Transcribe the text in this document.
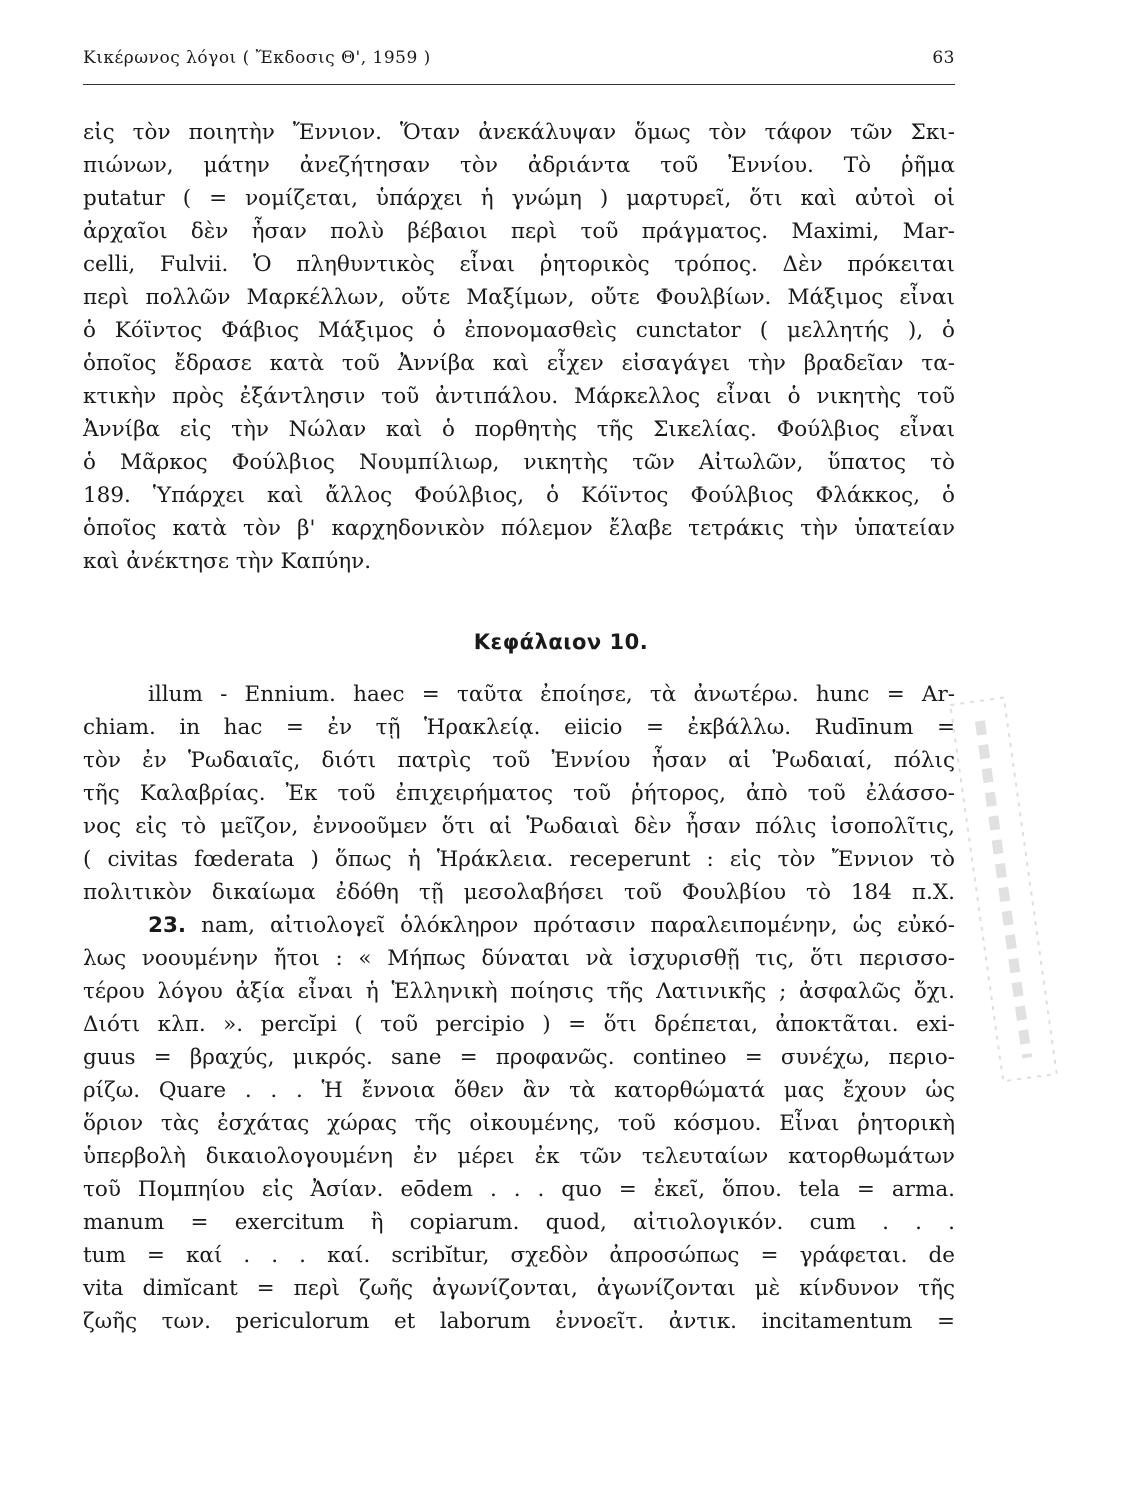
Κικέρωνος λόγοι ( Ἔκδοσις Θ', 1959 )	63
εἰς τὸν ποιητὴν Ἔννιον. Ὅταν ἀνεκάλυψαν ὅμως τὸν τάφον τῶν Σκι-
πιώνων, μάτην ἀνεζήτησαν τὸν ἀδριάντα τοῦ Ἐννίου. Τὸ ῥῆμα
putatur ( = νομίζεται, ὑπάρχει ἡ γνώμη ) μαρτυρεῖ, ὅτι καὶ αὐτοὶ οἱ
ἀρχαῖοι δὲν ἦσαν πολὺ βέβαιοι περὶ τοῦ πράγματος. Maximi, Mar-
celli, Fulvii. Ὁ πληθυντικὸς εἶναι ῥητορικὸς τρόπος. Δὲν πρόκειται
περὶ πολλῶν Μαρκέλλων, οὔτε Μαξίμων, οὔτε Φουλβίων. Μάξιμος εἶναι
ὁ Κόϊντος Φάβιος Μάξιμος ὁ ἐπονομασθεὶς cunctator ( μελλητής ), ὁ
ὁποῖος ἔδρασε κατὰ τοῦ Ἀννίβα καὶ εἶχεν εἰσαγάγει τὴν βραδεῖαν τα-
κτικὴν πρὸς ἐξάντλησιν τοῦ ἀντιπάλου. Μάρκελλος εἶναι ὁ νικητὴς τοῦ
Ἀννίβα εἰς τὴν Νώλαν καὶ ὁ πορθητὴς τῆς Σικελίας. Φούλβιος εἶναι
ὁ Μᾶρκος Φούλβιος Νουμπίλιωρ, νικητὴς τῶν Αἰτωλῶν, ὕπατος τὸ
189. Ὑπάρχει καὶ ἄλλος Φούλβιος, ὁ Κόϊντος Φούλβιος Φλάκκος, ὁ
ὁποῖος κατὰ τὸν β' καρχηδονικὸν πόλεμον ἔλαβε τετράκις τὴν ὑπατείαν
καὶ ἀνέκτησε τὴν Καπύην.
Κεφάλαιον 10.
illum - Ennium. haec = ταῦτα ἐποίησε, τὰ ἀνωτέρω. hunc = Ar-
chiam. in hac = ἐν τῇ Ἡρακλείᾳ. eiicio = ἐκβάλλω. Rudīnum =
τὸν ἐν Ῥωδαιαῖς, διότι πατρὶς τοῦ Ἐννίου ἦσαν αἱ Ῥωδαιαί, πόλις
τῆς Καλαβρίας. Ἐκ τοῦ ἐπιχειρήματος τοῦ ῥήτορος, ἀπὸ τοῦ ἐλάσσο-
νος εἰς τὸ μεῖζον, ἐννοοῦμεν ὅτι αἱ Ῥωδαιαὶ δὲν ἦσαν πόλις ἰσοπολῖτις,
( civitas fœderata ) ὅπως ἡ Ἡράκλεια. receperunt : εἰς τὸν Ἔννιον τὸ
πολιτικὸν δικαίωμα ἐδόθη τῇ μεσολαβήσει τοῦ Φουλβίου τὸ 184 π.Χ.
23. nam, αἰτιολογεῖ ὁλόκληρον πρότασιν παραλειπομένην, ὡς εὐκό-
λως νοουμένην ἤτοι : « Μήπως δύναται νὰ ἰσχυρισθῇ τις, ὅτι περισσο-
τέρου λόγου ἀξία εἶναι ἡ Ἑλληνικὴ ποίησις τῆς Λατινικῆς ; ἀσφαλῶς ὄχι.
Διότι κλπ. ». percĭpi ( τοῦ percipio ) = ὅτι δρέπεται, ἀποκτᾶται. exi-
guus = βραχύς, μικρός. sane = προφανῶς. contineo = συνέχω, περιο-
ρίζω. Quare . . . Ἡ ἔννοια ὅθεν ἂν τὰ κατορθώματά μας ἔχουν ὡς
ὅριον τὰς ἐσχάτας χώρας τῆς οἰκουμένης, τοῦ κόσμου. Εἶναι ῥητορικὴ
ὑπερβολὴ δικαιολογουμένη ἐν μέρει ἐκ τῶν τελευταίων κατορθωμάτων
τοῦ Πομπηίου εἰς Ἀσίαν. eōdem . . . quo = ἐκεῖ, ὅπου. tela = arma.
manum = exercitum ἢ copiarum. quod, αἰτιολογικόν. cum . . .
tum = καί . . . καί. scribĭtur, σχεδὸν ἀπροσώπως = γράφεται. de
vita dimĭcant = περὶ ζωῆς ἀγωνίζονται, ἀγωνίζονται μὲ κίνδυνον τῆς
ζωῆς των. periculorum et laborum ἐννοεῖτ. ἀντικ. incitamentum =
